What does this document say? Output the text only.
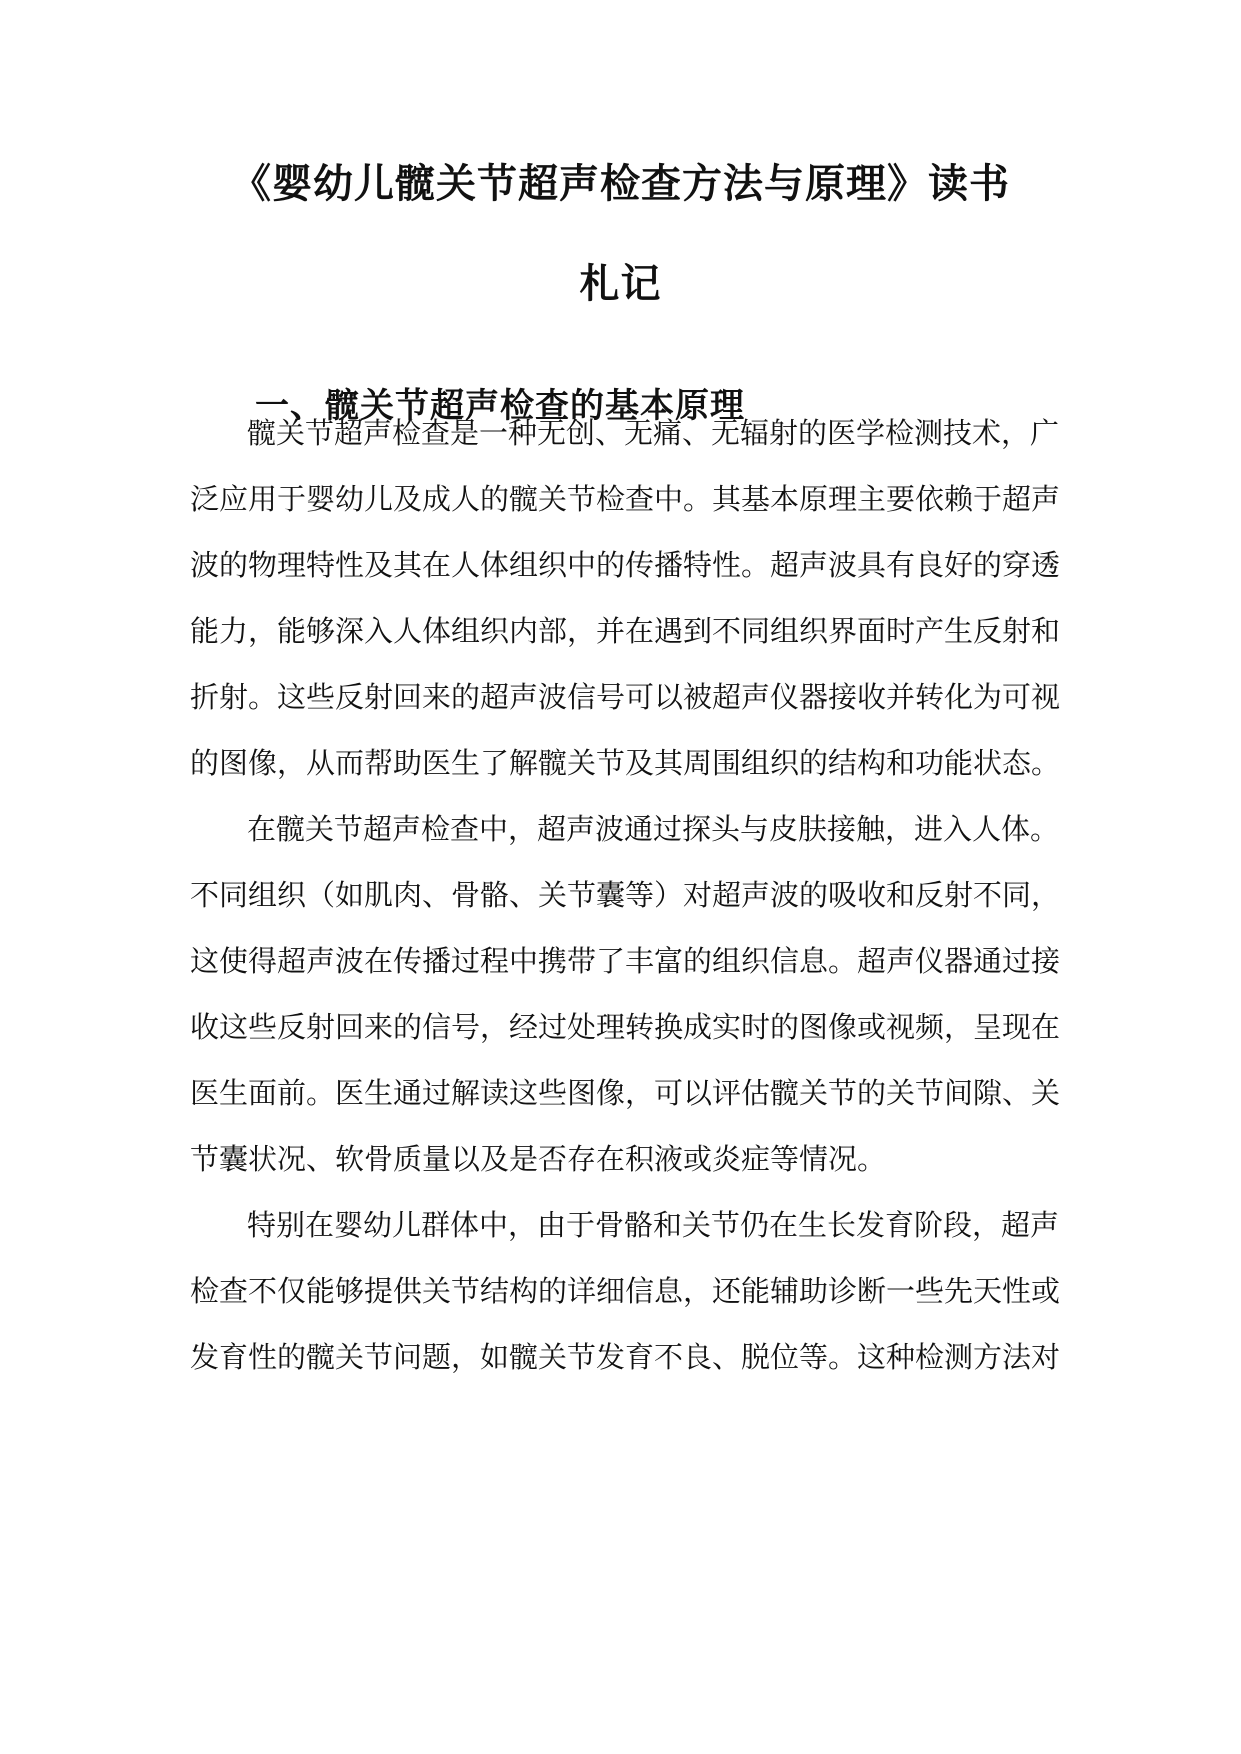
《婴幼儿髋关节超声检查方法与原理》读书
札记
一、髋关节超声检查的基本原理
髋关节超声检查是一种无创、无痛、无辐射的医学检测技术，广
泛应用于婴幼儿及成人的髋关节检查中。其基本原理主要依赖于超声
波的物理特性及其在人体组织中的传播特性。超声波具有良好的穿透
能力，能够深入人体组织内部，并在遇到不同组织界面时产生反射和
折射。这些反射回来的超声波信号可以被超声仪器接收并转化为可视
的图像，从而帮助医生了解髋关节及其周围组织的结构和功能状态。
在髋关节超声检查中，超声波通过探头与皮肤接触，进入人体。
不同组织（如肌肉、骨骼、关节囊等）对超声波的吸收和反射不同，
这使得超声波在传播过程中携带了丰富的组织信息。超声仪器通过接
收这些反射回来的信号，经过处理转换成实时的图像或视频，呈现在
医生面前。医生通过解读这些图像，可以评估髋关节的关节间隙、关
节囊状况、软骨质量以及是否存在积液或炎症等情况。
特别在婴幼儿群体中，由于骨骼和关节仍在生长发育阶段，超声
检查不仅能够提供关节结构的详细信息，还能辅助诊断一些先天性或
发育性的髋关节问题，如髋关节发育不良、脱位等。这种检测方法对
